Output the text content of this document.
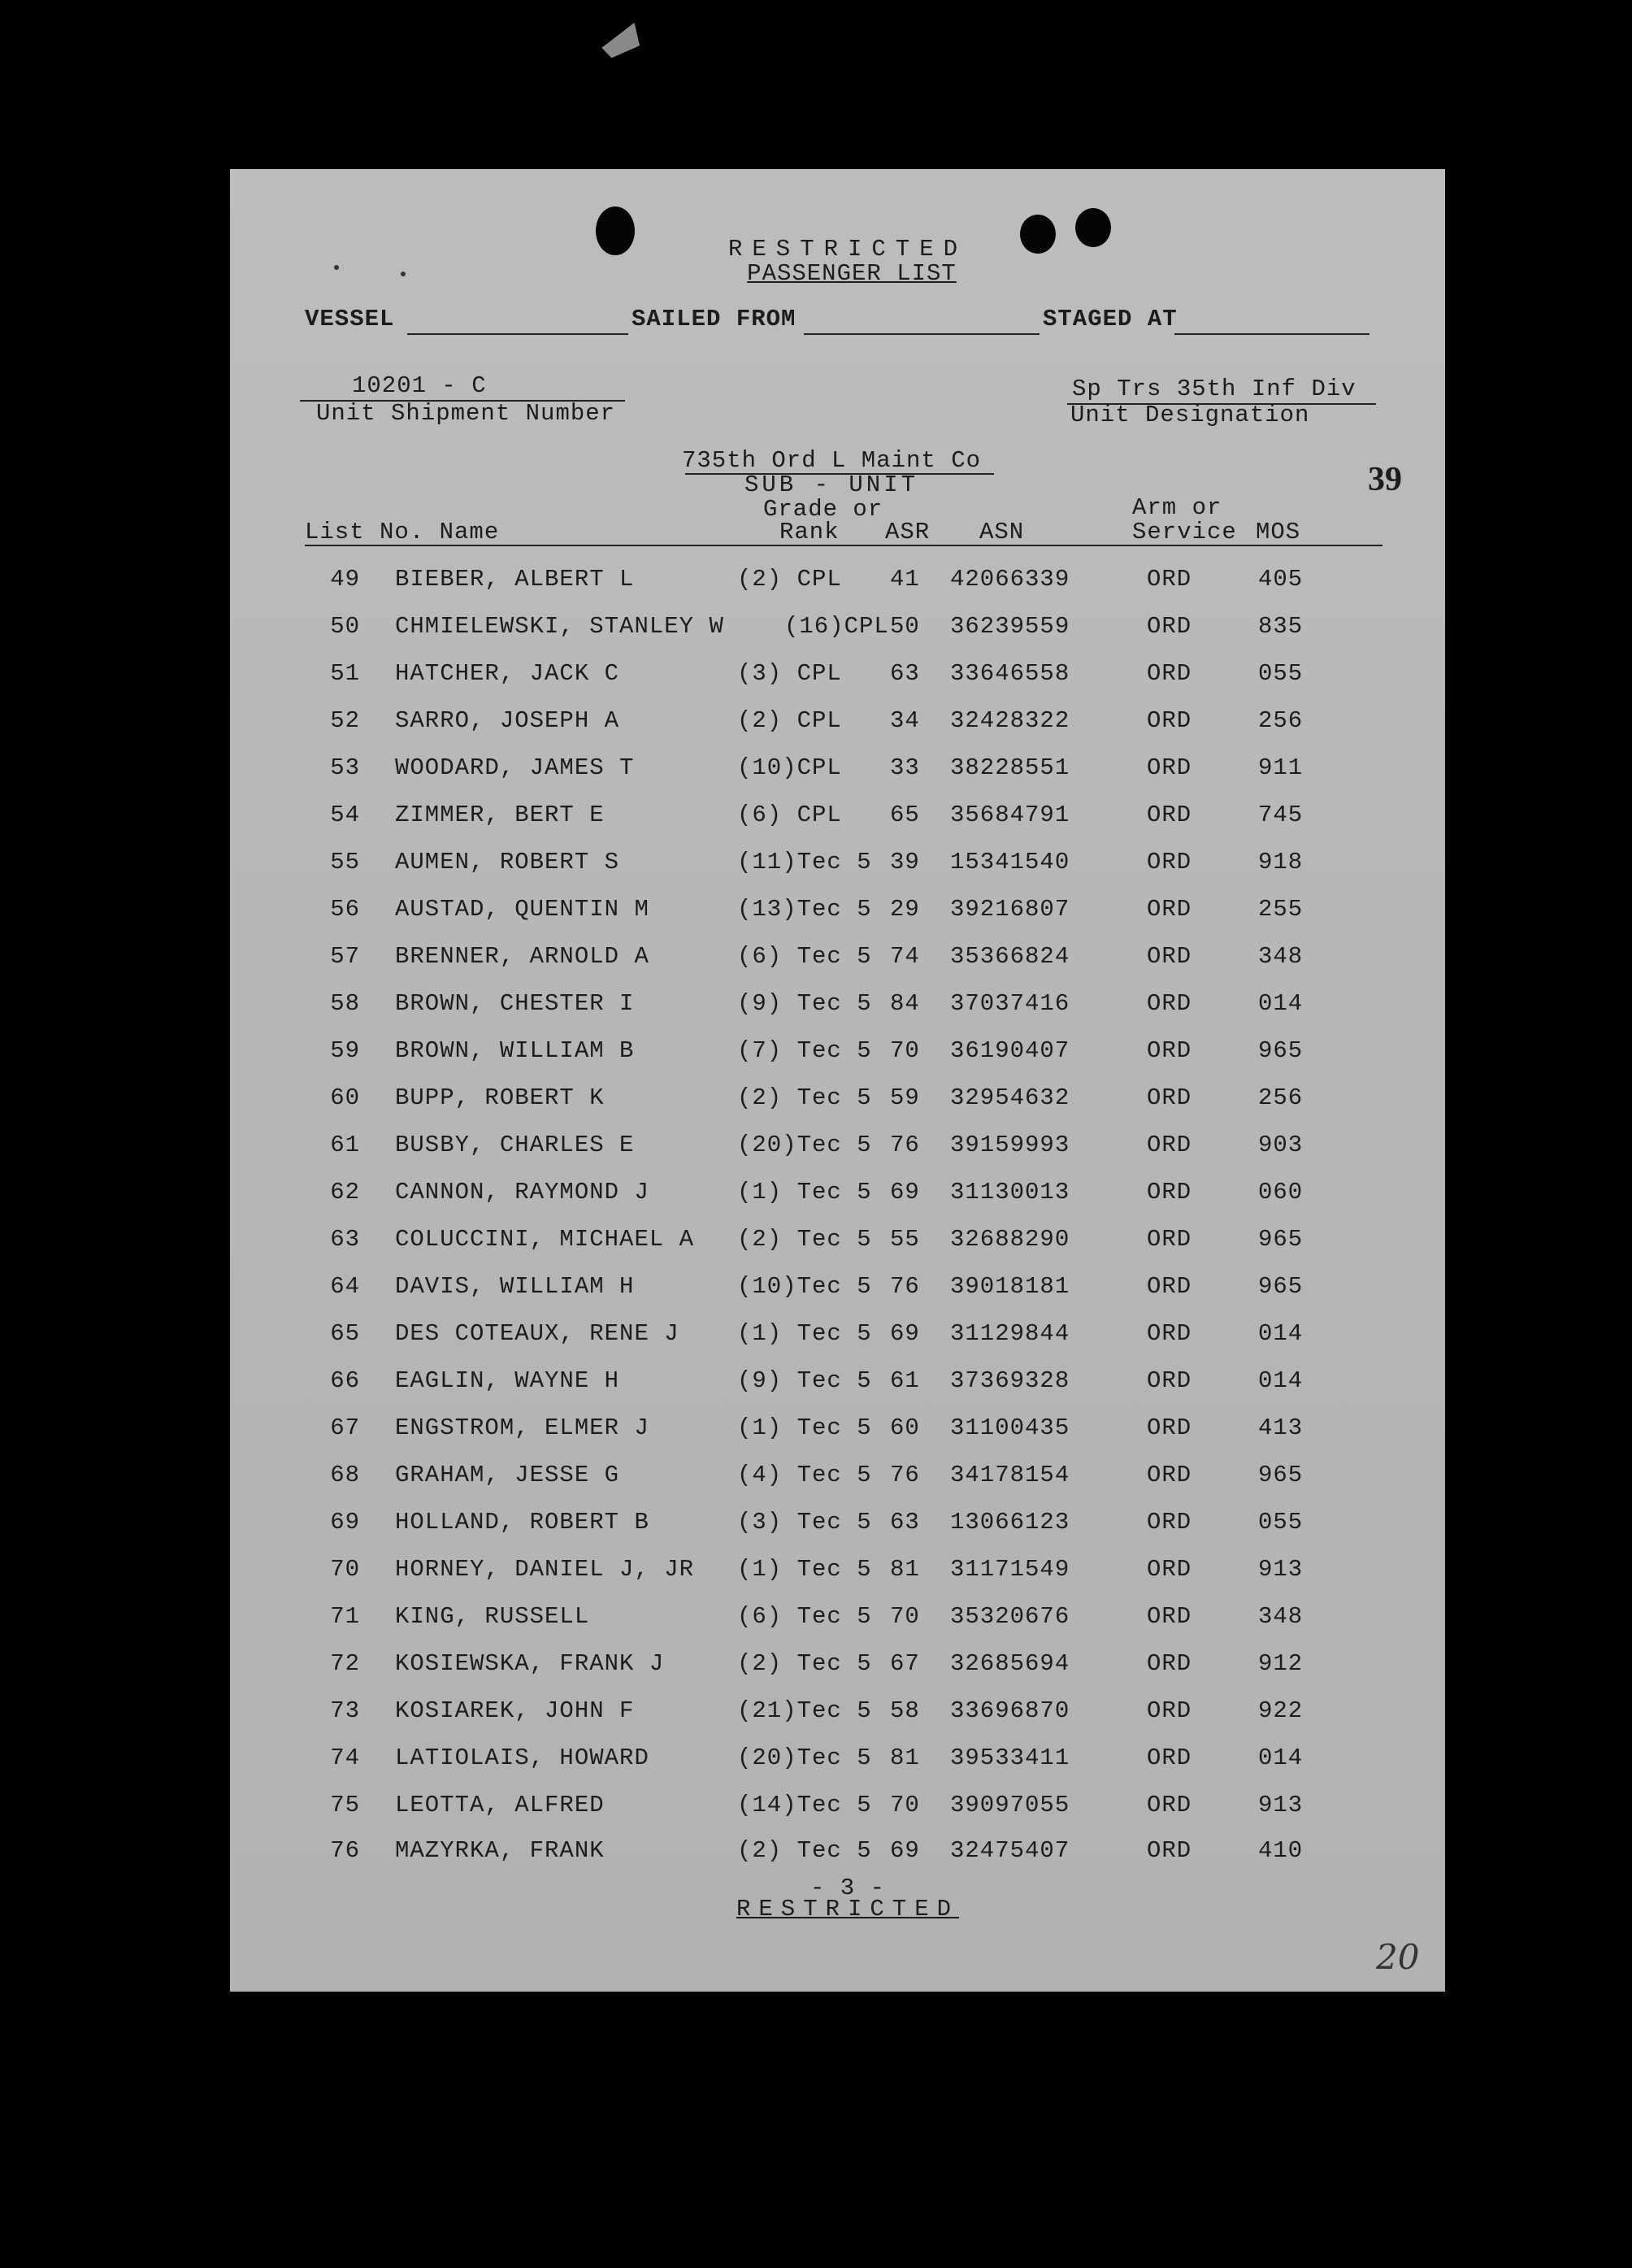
RESTRICTED
PASSENGER LIST
VESSEL	SAILED FROM	STAGED AT
10201 - C
Unit Shipment Number
Sp Trs 35th Inf Div
Unit Designation
735th Ord L Maint Co
SUB - UNIT	39
Grade or	Arm or
List No. Name	Rank ASR ASN	Service MOS
49 BIEBER, ALBERT L	(2) CPL 41 42066339	ORD	405
50 CHMIELEWSKI, STANLEY W	(16)CPL 50 36239559	ORD	835
51 HATCHER, JACK C	(3) CPL 63 33646558	ORD	055
52 SARRO, JOSEPH A	(2) CPL 34 32428322	ORD	256
53 WOODARD, JAMES T	(10)CPL 33 38228551	ORD	911
54 ZIMMER, BERT E	(6) CPL 65 35684791	ORD	745
55 AUMEN, ROBERT S	(11)Tec 5 39 15341540	ORD	918
56 AUSTAD, QUENTIN M	(13)Tec 5 29 39216807	ORD	255
57 BRENNER, ARNOLD A	(6) Tec 5 74 35366824	ORD	348
58 BROWN, CHESTER I	(9) Tec 5 84 37037416	ORD	014
59 BROWN, WILLIAM B	(7) Tec 5 70 36190407	ORD	965
60 BUPP, ROBERT K	(2) Tec 5 59 32954632	ORD	256
61 BUSBY, CHARLES E	(20)Tec 5 76 39159993	ORD	903
62 CANNON, RAYMOND J	(1) Tec 5 69 31130013	ORD	060
63 COLUCCINI, MICHAEL A (2) Tec 5 55 32688290	ORD	965
64 DAVIS, WILLIAM H	(10)Tec 5 76 39018181	ORD	965
65 DES COTEAUX, RENE J (1) Tec 5 69 31129844	ORD	014
66 EAGLIN, WAYNE H	(9) Tec 5 61 37369328	ORD	014
67 ENGSTROM, ELMER J	(1) Tec 5 60 31100435	ORD	413
68 GRAHAM, JESSE G	(4) Tec 5 76 34178154	ORD	965
69 HOLLAND, ROBERT B	(3) Tec 5 63 13066123	ORD	055
70 HORNEY, DANIEL J, JR (1) Tec 5 81 31171549	ORD	913
71 KING, RUSSELL	(6) Tec 5 70 35320676	ORD	348
72 KOSIEWSKA, FRANK J	(2) Tec 5 67 32685694	ORD	912
73 KOSIAREK, JOHN F	(21)Tec 5 58 33696870	ORD	922
74 LATIOLAIS, HOWARD	(20)Tec 5 81 39533411	ORD	014
75 LEOTTA, ALFRED	(14)Tec 5 70 39097055	ORD	913
76 MAZYRKA, FRANK	(2) Tec 5 69 32475407	ORD	410
- 3 -
RESTRICTED
20
